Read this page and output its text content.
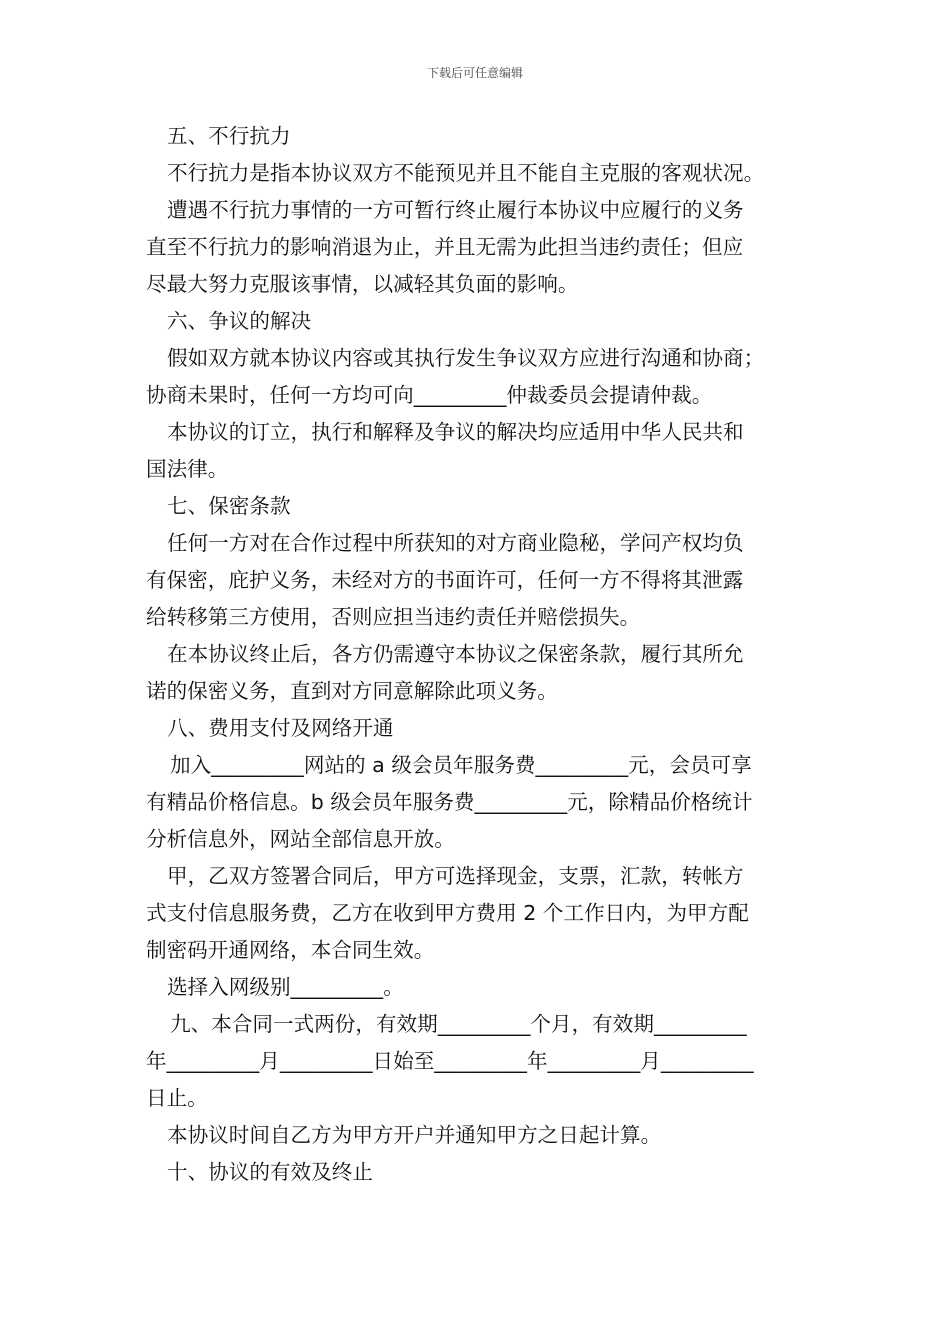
下载后可任意编辑

五、不行抗力

不行抗力是指本协议双方不能预见并且不能自主克服的客观状况。

遭遇不行抗力事情的一方可暂行终止履行本协议中应履行的义务

直至不行抗力的影响消退为止，并且无需为此担当违约责任；但应

尽最大努力克服该事情，以减轻其负面的影响。

六、争议的解决

假如双方就本协议内容或其执行发生争议双方应进行沟通和协商；

协商未果时，任何一方均可向_________仲裁委员会提请仲裁。

本协议的订立，执行和解释及争议的解决均应适用中华人民共和

国法律。

七、保密条款

任何一方对在合作过程中所获知的对方商业隐秘，学问产权均负

有保密，庇护义务，未经对方的书面许可，任何一方不得将其泄露

给转移第三方使用，否则应担当违约责任并赔偿损失。

在本协议终止后，各方仍需遵守本协议之保密条款，履行其所允

诺的保密义务，直到对方同意解除此项义务。

八、费用支付及网络开通

加入_________网站的 a 级会员年服务费_________元，会员可享

有精品价格信息。b 级会员年服务费_________元，除精品价格统计

分析信息外，网站全部信息开放。

甲，乙双方签署合同后，甲方可选择现金，支票，汇款，转帐方

式支付信息服务费，乙方在收到甲方费用 2 个工作日内，为甲方配

制密码开通网络，本合同生效。

选择入网级别_________。

九、本合同一式两份，有效期_________个月，有效期_________

年_________月_________日始至_________年_________月_________

日止。

本协议时间自乙方为甲方开户并通知甲方之日起计算。

十、协议的有效及终止
